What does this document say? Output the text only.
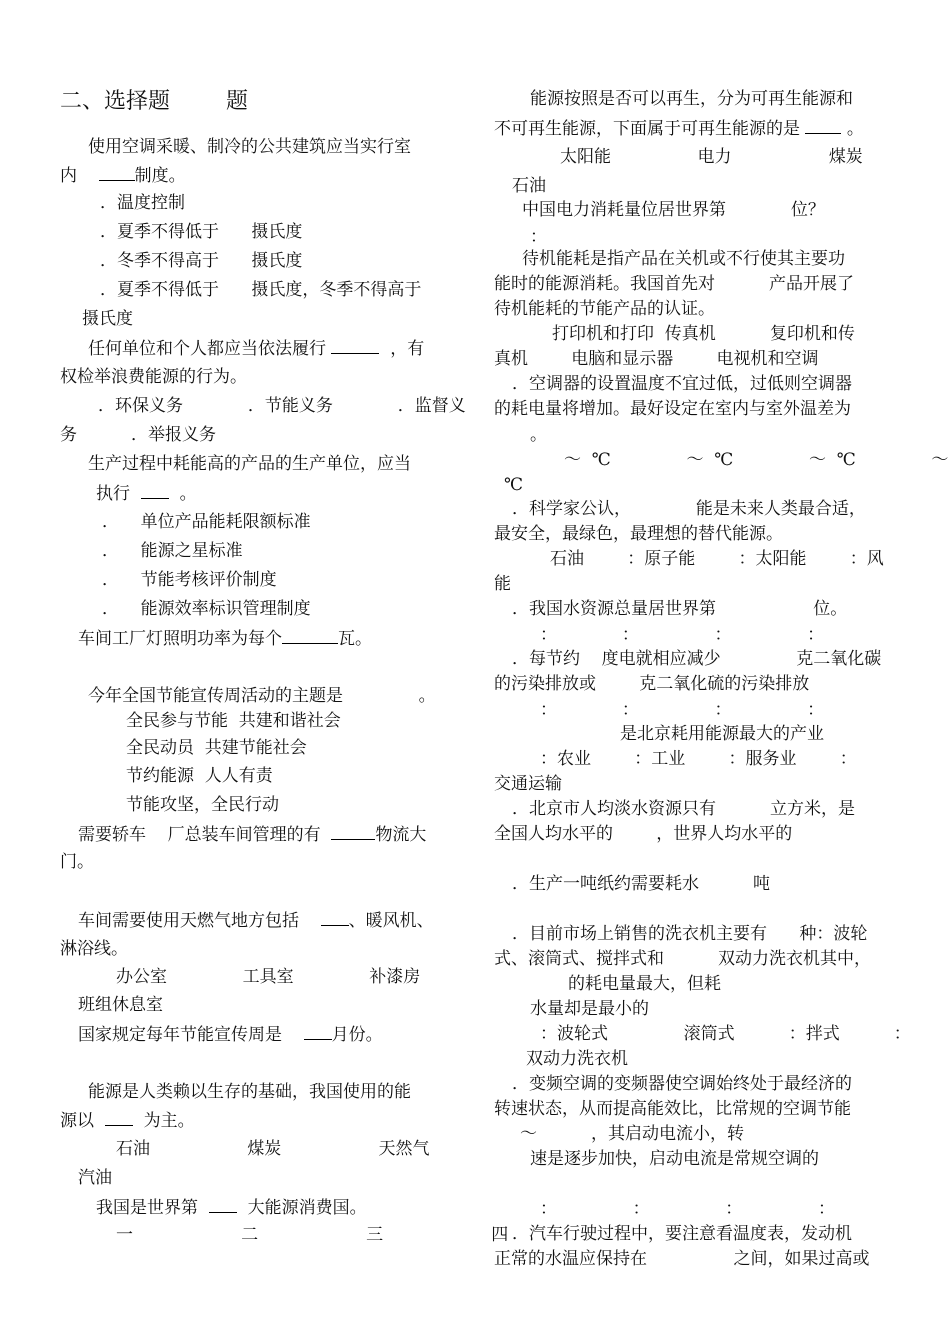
二、选择题        题
使用空调采暖、制冷的公共建筑应当实行室
内	制度。
．温度控制
．夏季不得低于      摄氏度
．冬季不得高于      摄氏度
．夏季不得低于      摄氏度，冬季不得高于
摄氏度
任何单位和个人都应当依法履行	，有
权检举浪费能源的行为。
．环保义务            ．节能义务            ．监督义
务          ．举报义务
生产过程中耗能高的产品的生产单位，应当
执行	。
．    单位产品能耗限额标准
．    能源之星标准
．    节能考核评价制度
．    能源效率标识管理制度
车间工厂灯照明功率为每个	瓦。
今年全国节能宣传周活动的主题是              。
全民参与节能  共建和谐社会
全民动员  共建节能社会
节约能源  人人有责
节能攻坚，全民行动
需要轿车    厂总装车间管理的有	物流大
门。
车间需要使用天燃气地方包括	、暖风机、
淋浴线。
办公室              工具室              补漆房
班组休息室
国家规定每年节能宣传周是	月份。
能源是人类赖以生存的基础，我国使用的能
源以	为主。
石油                  煤炭                  天然气
汽油
我国是世界第	大能源消费国。
一                    二                    三                    四
能源按照是否可以再生，分为可再生能源和
不可再生能源，下面属于可再生能源的是	。
太阳能                电力                  煤炭
石油
中国电力消耗量位居世界第            位？
：
待机能耗是指产品在关机或不行使其主要功
能时的能源消耗。我国首先对          产品开展了
待机能耗的节能产品的认证。
打印机和打印  传真机          复印机和传
真机        电脑和显示器        电视机和空调
．空调器的设置温度不宜过低，过低则空调器
的耗电量将增加。最好设定在室内与室外温差为
。
～  ℃              ～  ℃              ～  ℃              ～
℃
．科学家公认，            能是未来人类最合适，
最安全，最绿色，最理想的替代能源。
石油        ：原子能        ：太阳能        ：风
能
．我国水资源总量居世界第                  位。
：            ：              ：              ：
．每节约    度电就相应减少              克二氧化碳
的污染排放或        克二氧化硫的污染排放
：            ：              ：              ：
是北京耗用能源最大的产业
：农业        ：工业        ：服务业        ：
交通运输
．北京市人均淡水资源只有          立方米，是
全国人均水平的        ，世界人均水平的
．生产一吨纸约需要耗水          吨
．目前市场上销售的洗衣机主要有      种：波轮
式、滚筒式、搅拌式和          双动力洗衣机其中，
的耗电量最大，但耗
水量却是最小的
：波轮式              滚筒式          ：拌式          ：
双动力洗衣机
．变频空调的变频器使空调始终处于最经济的
转速状态，从而提高能效比，比常规的空调节能
～          ，其启动电流小，转
速是逐步加快，启动电流是常规空调的
：              ：              ：              ：
．汽车行驶过程中，要注意看温度表，发动机
正常的水温应保持在                之间，如果过高或
